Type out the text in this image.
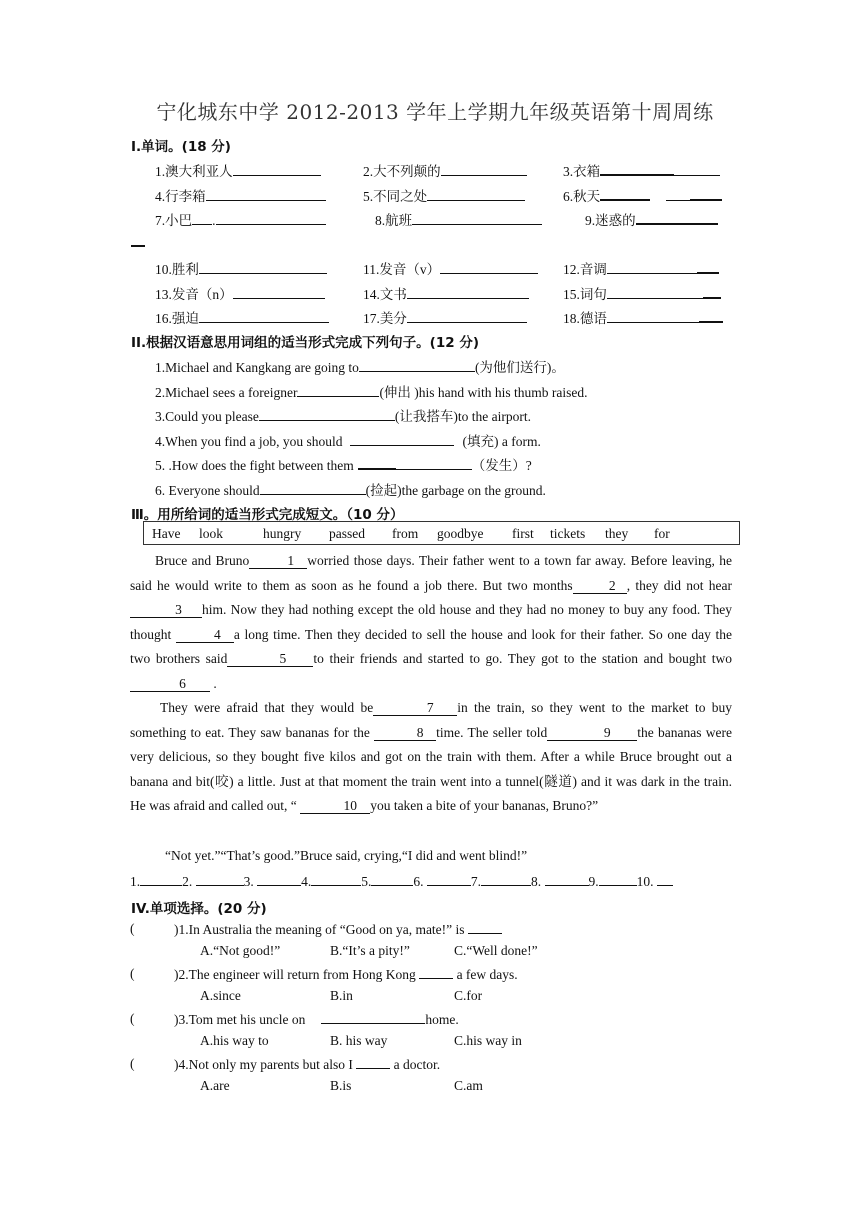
宁化城东中学 2012-2013 学年上学期九年级英语第十周周练
I.单词。(18 分)
1.澳大利亚人	2.大不列颠的	3.衣箱
4.行李箱	5.不同之处	6.秋天
7.小巴 .	8.航班	9.迷惑的
10.胜利	11.发音（v）	12.音调
13.发音（n）	14.文书	15.词句
16.强迫	17.美分	18.德语
II.根据汉语意思用词组的适当形式完成下列句子。(12 分)
1.Michael and Kangkang are going to	(为他们送行)。
2.Michael sees a foreigner	(伸出 )his hand with his thumb raised.
3.Could you please	(让我搭车)to the airport.
4.When you find a job, you should	(填充) a form.
5. .How does the fight between them	（发生）?
6. Everyone should	(捡起)the garbage on the ground.
Ⅲ。用所给词的适当形式完成短文。（10 分）
Have look	hungry passed from goodbye first tickets they for

Bruce and Bruno	1 worried those days. Their father went to a town far away. Before leaving, he said he would write to them as soon as he found a job there. But two months	2 , they did not hear3 him. Now they had nothing except the old house and they had no money to buy any food. They thought	4 a long time. Then they decided to sell the house and look for their father. So one day the two brothers said	5 to their friends and started to go. They got to the station and bought two6 .

They were afraid that they would be	7 in the train, so they went to the market to buy something to eat. They saw bananas for the	8 time. The seller told	9 the bananas were very delicious, so they bought five kilos and got on the train with them. After a while Bruce brought out a banana and bit(咬) a little. Just at that moment the train went into a tunnel(隧道) and it was dark in the train. He was afraid and called out, “	10 you taken a bite of your bananas, Bruno?”

“Not yet.”“That’s good.”Bruce said, crying,“I did and went blind!”
1.	2.	3.	4.	5.	6.	7.	8.	9.	10.
IV.单项选择。(20 分)
(	)1.In Australia the meaning of “Good on ya, mate!” is
A.“Not good!”	B.“It’s a pity!”	C.“Well done!”
(	)2.The engineer will return from Hong Kong	a few days.
A.since	B.in	C.for
(	)3.Tom met his uncle on	home.
A.his way to	B. his way	C.his way in
(	)4.Not only my parents but also I	a doctor.
A.are	B.is	C.am
